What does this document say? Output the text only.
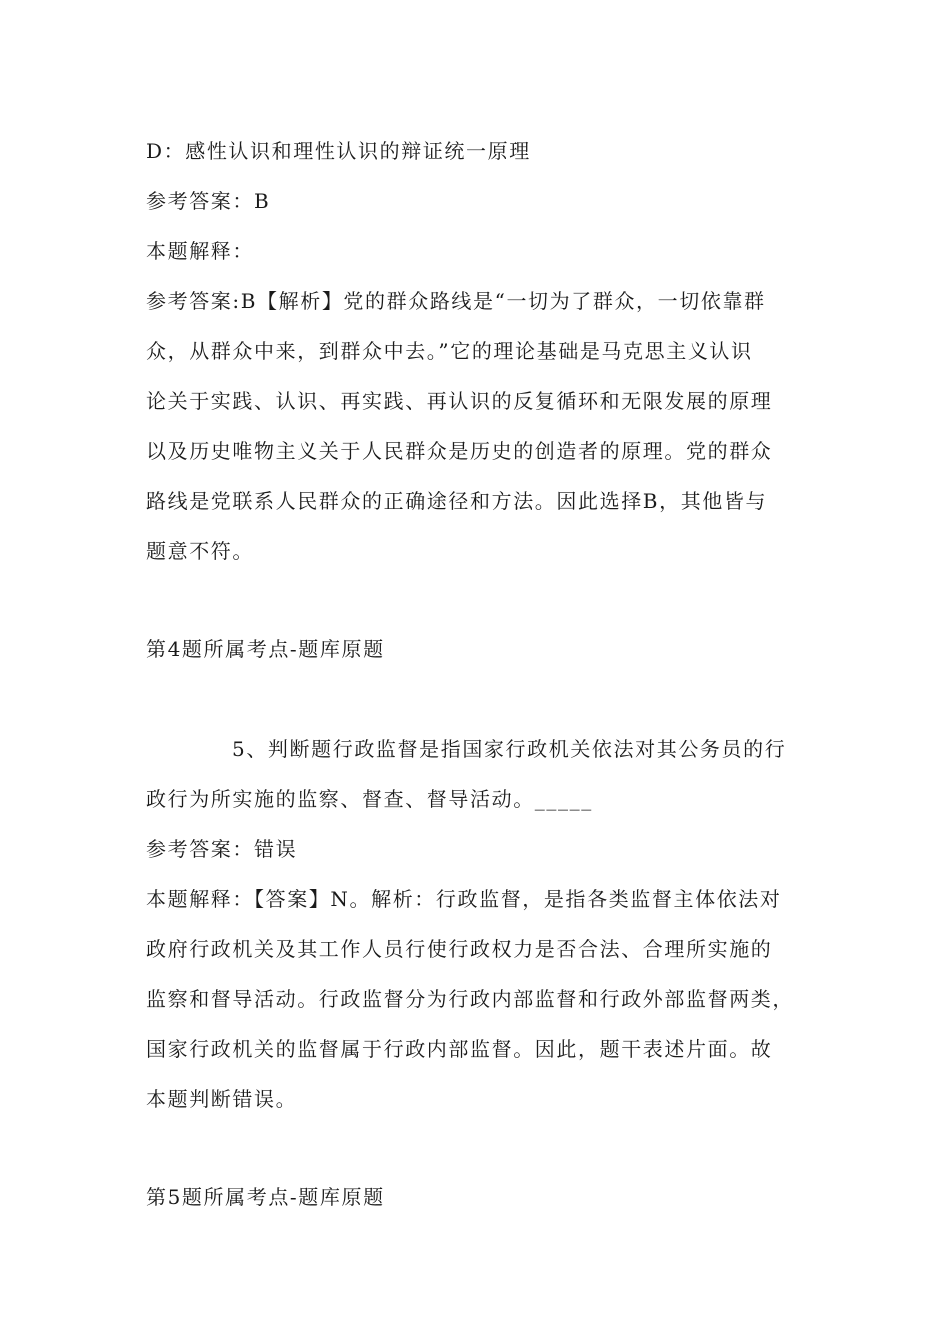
D：感性认识和理性认识的辩证统一原理
参考答案：B
本题解释：
参考答案:B【解析】党的群众路线是“一切为了群众，一切依靠群
众，从群众中来，到群众中去。”它的理论基础是马克思主义认识
论关于实践、认识、再实践、再认识的反复循环和无限发展的原理
以及历史唯物主义关于人民群众是历史的创造者的原理。党的群众
路线是党联系人民群众的正确途径和方法。因此选择B，其他皆与
题意不符。
第4题所属考点-题库原题
5、判断题行政监督是指国家行政机关依法对其公务员的行
政行为所实施的监察、督查、督导活动。_____
参考答案：错误
本题解释：【答案】N。解析：行政监督，是指各类监督主体依法对
政府行政机关及其工作人员行使行政权力是否合法、合理所实施的
监察和督导活动。行政监督分为行政内部监督和行政外部监督两类，
国家行政机关的监督属于行政内部监督。因此，题干表述片面。故
本题判断错误。
第5题所属考点-题库原题
